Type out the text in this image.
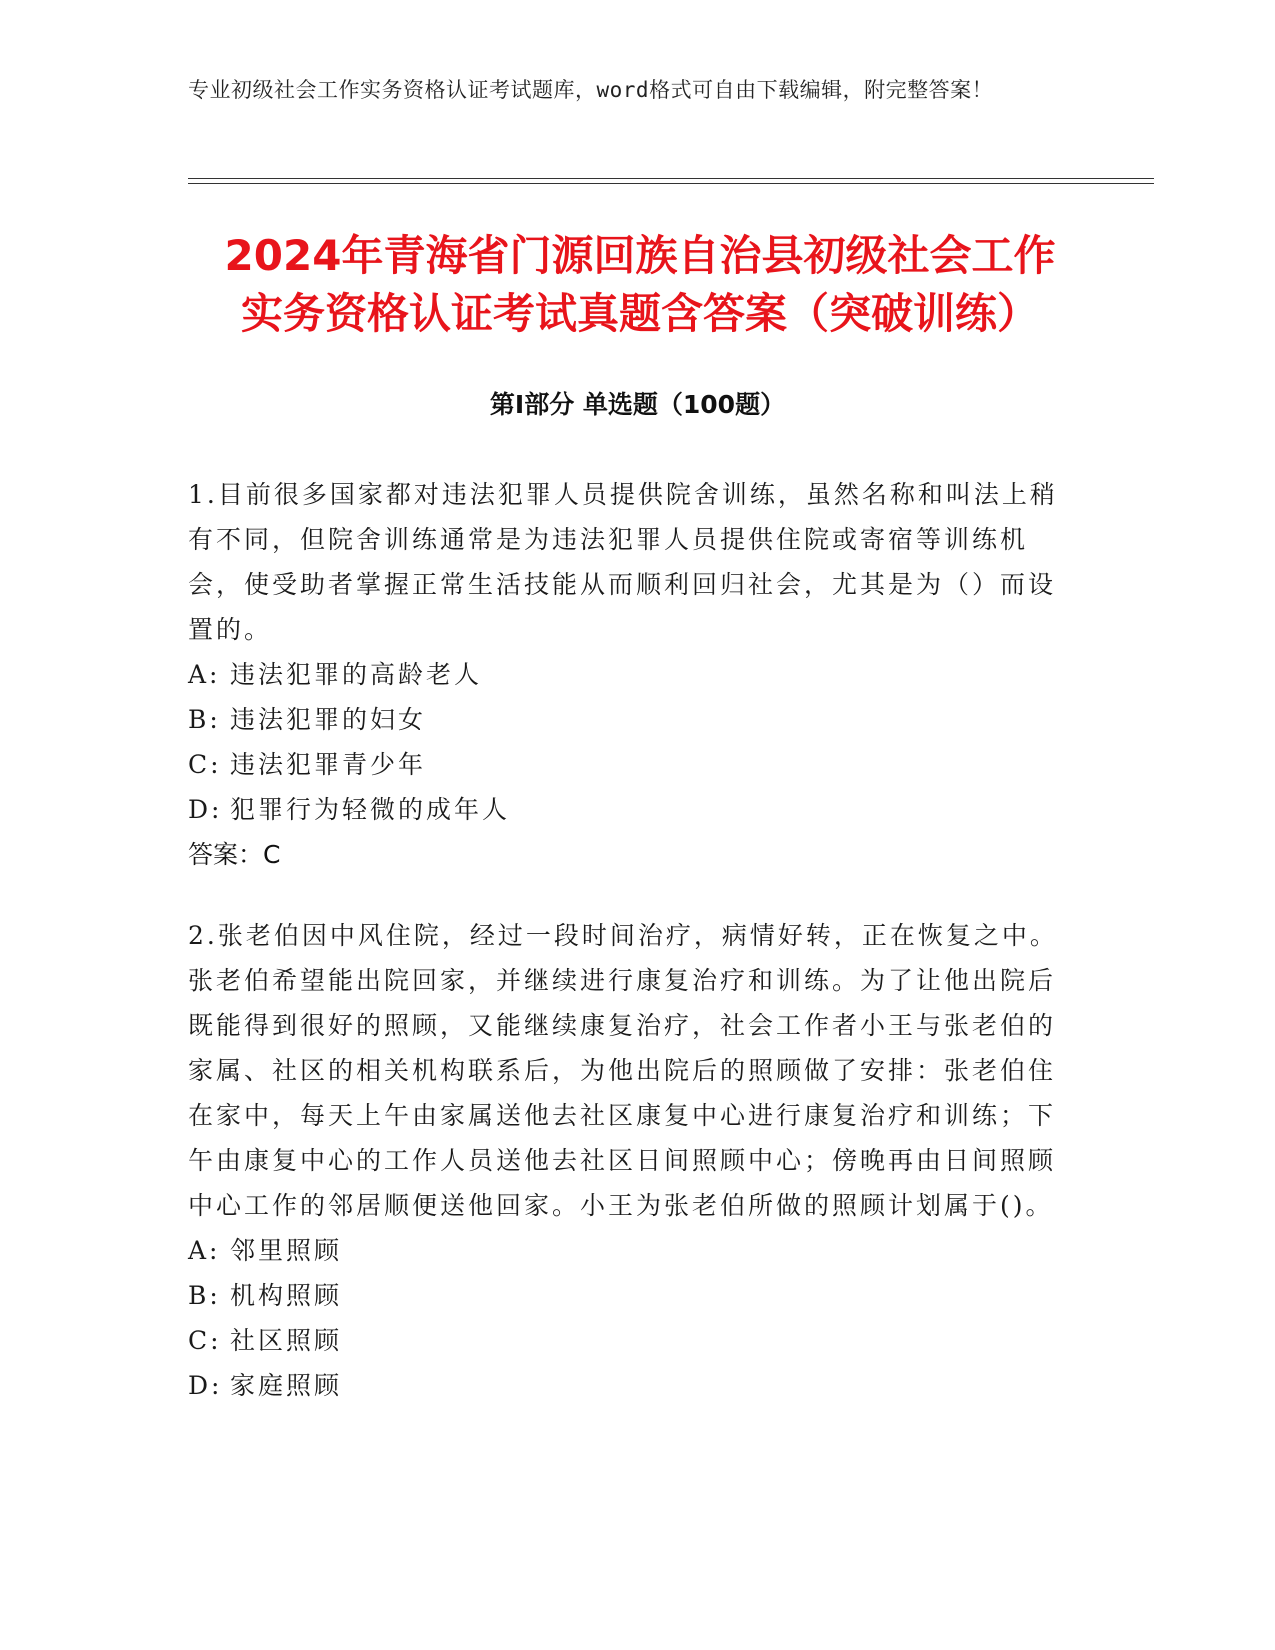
专业初级社会工作实务资格认证考试题库，word格式可自由下载编辑，附完整答案！
2024年青海省门源回族自治县初级社会工作
实务资格认证考试真题含答案（突破训练）
第Ⅰ部分 单选题（100题）

1.目前很多国家都对违法犯罪人员提供院舍训练，虽然名称和叫法上稍有不同，但院舍训练通常是为违法犯罪人员提供住院或寄宿等训练机会，使受助者掌握正常生活技能从而顺利回归社会，尤其是为（）而设置的。

A: 违法犯罪的高龄老人

B: 违法犯罪的妇女

C: 违法犯罪青少年

D: 犯罪行为轻微的成年人

答案：C

2.张老伯因中风住院，经过一段时间治疗，病情好转，正在恢复之中。张老伯希望能出院回家，并继续进行康复治疗和训练。为了让他出院后既能得到很好的照顾，又能继续康复治疗，社会工作者小王与张老伯的家属、社区的相关机构联系后，为他出院后的照顾做了安排：张老伯住在家中，每天上午由家属送他去社区康复中心进行康复治疗和训练；下午由康复中心的工作人员送他去社区日间照顾中心；傍晚再由日间照顾中心工作的邻居顺便送他回家。小王为张老伯所做的照顾计划属于()。

A: 邻里照顾

B: 机构照顾

C: 社区照顾

D: 家庭照顾
